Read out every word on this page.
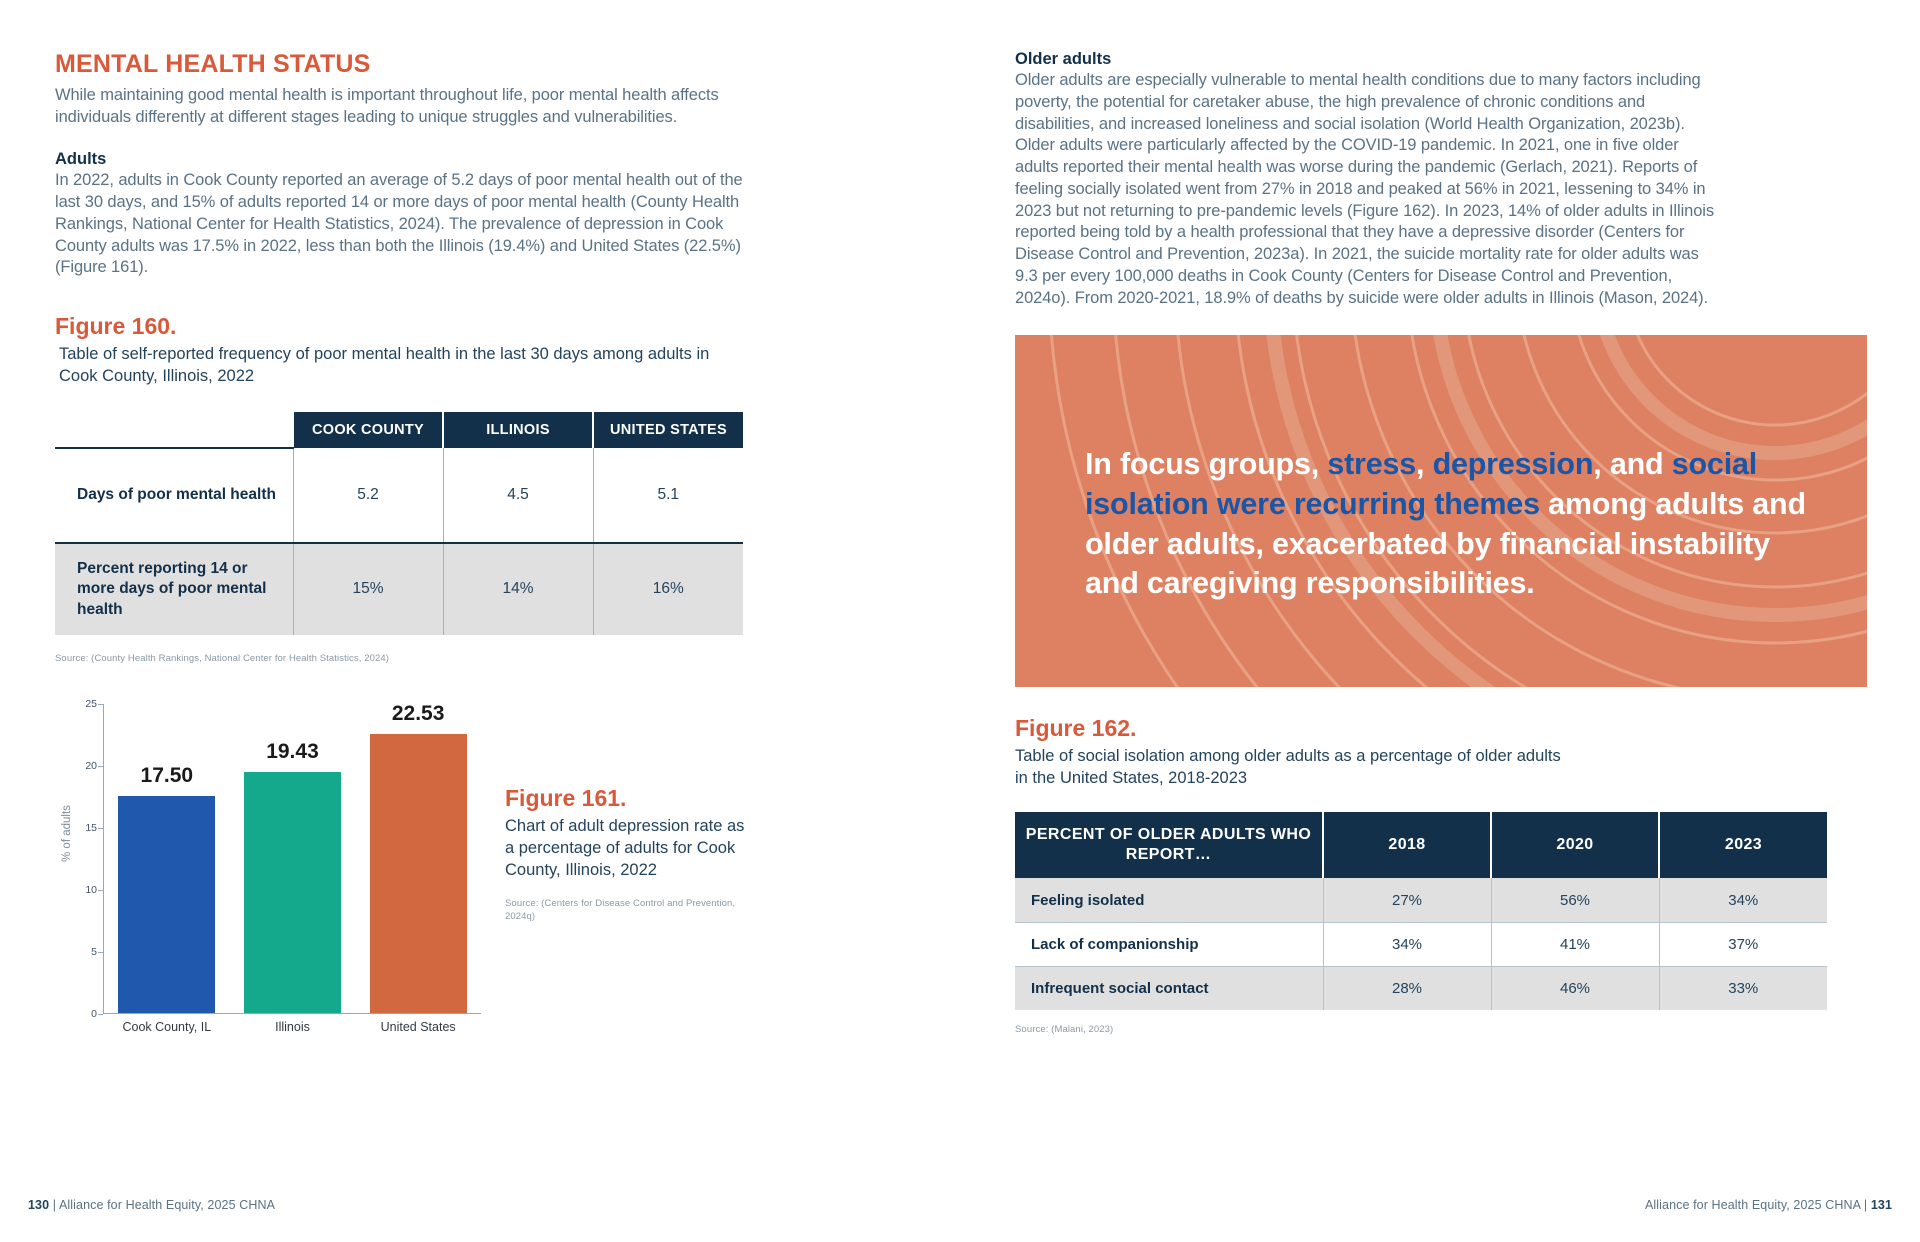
MENTAL HEALTH STATUS

While maintaining good mental health is important throughout life, poor mental health affects individuals differently at different stages leading to unique struggles and vulnerabilities.

Adults

In 2022, adults in Cook County reported an average of 5.2 days of poor mental health out of the last 30 days, and 15% of adults reported 14 or more days of poor mental health (County Health Rankings, National Center for Health Statistics, 2024). The prevalence of depression in Cook County adults was 17.5% in 2022, less than both the Illinois (19.4%) and United States (22.5%) (Figure 161).

Figure 160.

Table of self-reported frequency of poor mental health in the last 30 days among adults in Cook County, Illinois, 2022

	COOK COUNTY	ILLINOIS	UNITED STATES
Days of poor mental health	5.2	4.5	5.1
Percent reporting 14 or more days of poor mental health	15%	14%	16%

Source: (County Health Rankings, National Center for Health Statistics, 2024)

% of adults
0
5
10
15
20
25
17.50
19.43
22.53
Cook County, IL	Illinois	United States
Figure 161.

Chart of adult depression rate as a percentage of adults for Cook County, Illinois, 2022

Source: (Centers for Disease Control and Prevention, 2024q)

130 | Alliance for Health Equity, 2025 CHNA
Older adults

Older adults are especially vulnerable to mental health conditions due to many factors including poverty, the potential for caretaker abuse, the high prevalence of chronic conditions and disabilities, and increased loneliness and social isolation (World Health Organization, 2023b). Older adults were particularly affected by the COVID-19 pandemic. In 2021, one in five older adults reported their mental health was worse during the pandemic (Gerlach, 2021). Reports of feeling socially isolated went from 27% in 2018 and peaked at 56% in 2021, lessening to 34% in 2023 but not returning to pre-pandemic levels (Figure 162). In 2023, 14% of older adults in Illinois reported being told by a health professional that they have a depressive disorder (Centers for Disease Control and Prevention, 2023a). In 2021, the suicide mortality rate for older adults was 9.3 per every 100,000 deaths in Cook County (Centers for Disease Control and Prevention, 2024o). From 2020-2021, 18.9% of deaths by suicide were older adults in Illinois (Mason, 2024).

In focus groups, stress, depression, and social isolation were recurring themes among adults and older adults, exacerbated by financial instability and caregiving responsibilities.
Figure 162.

Table of social isolation among older adults as a percentage of older adults in the United States, 2018-2023

PERCENT OF OLDER ADULTS WHO REPORT…	2018	2020	2023
Feeling isolated	27%	56%	34%
Lack of companionship	34%	41%	37%
Infrequent social contact	28%	46%	33%

Source: (Malani, 2023)

Alliance for Health Equity, 2025 CHNA | 131
